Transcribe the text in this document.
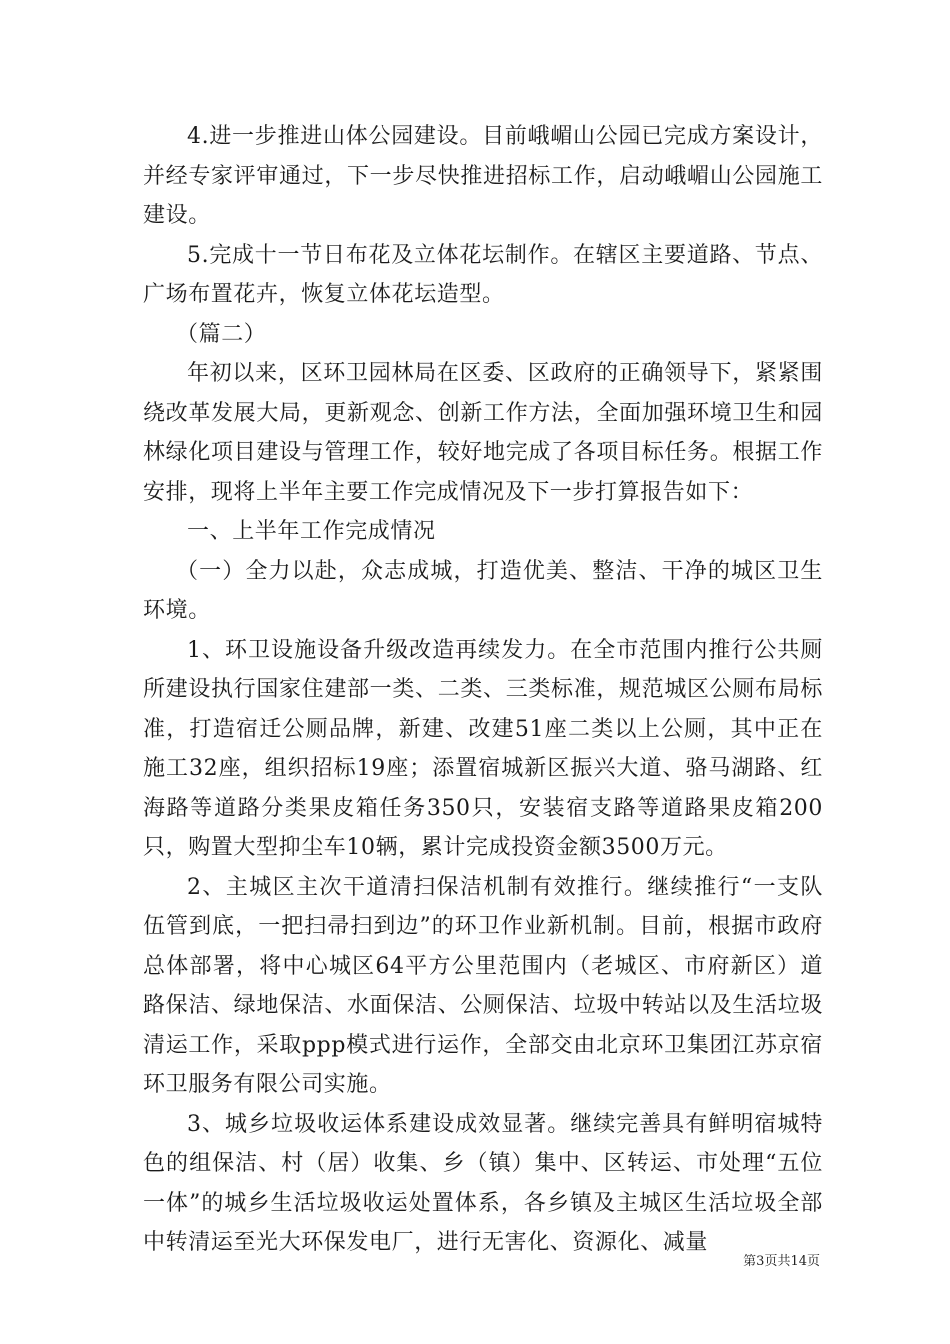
4.进一步推进山体公园建设。目前峨嵋山公园已完成方案设计，并经专家评审通过，下一步尽快推进招标工作，启动峨嵋山公园施工建设。

5.完成十一节日布花及立体花坛制作。在辖区主要道路、节点、广场布置花卉，恢复立体花坛造型。

（篇二）

年初以来，区环卫园林局在区委、区政府的正确领导下，紧紧围绕改革发展大局，更新观念、创新工作方法，全面加强环境卫生和园林绿化项目建设与管理工作，较好地完成了各项目标任务。根据工作安排，现将上半年主要工作完成情况及下一步打算报告如下：

一、上半年工作完成情况

（一）全力以赴，众志成城，打造优美、整洁、干净的城区卫生环境。

1、环卫设施设备升级改造再续发力。在全市范围内推行公共厕所建设执行国家住建部一类、二类、三类标准，规范城区公厕布局标准，打造宿迁公厕品牌，新建、改建51座二类以上公厕，其中正在施工32座，组织招标19座；添置宿城新区振兴大道、骆马湖路、红海路等道路分类果皮箱任务350只，安装宿支路等道路果皮箱200只，购置大型抑尘车10辆，累计完成投资金额3500万元。

2、主城区主次干道清扫保洁机制有效推行。继续推行“一支队伍管到底，一把扫帚扫到边”的环卫作业新机制。目前，根据市政府总体部署，将中心城区64平方公里范围内（老城区、市府新区）道路保洁、绿地保洁、水面保洁、公厕保洁、垃圾中转站以及生活垃圾清运工作，采取ppp模式进行运作，全部交由北京环卫集团江苏京宿环卫服务有限公司实施。

3、城乡垃圾收运体系建设成效显著。继续完善具有鲜明宿城特色的组保洁、村（居）收集、乡（镇）集中、区转运、市处理“五位一体”的城乡生活垃圾收运处置体系，各乡镇及主城区生活垃圾全部中转清运至光大环保发电厂，进行无害化、资源化、减量

第3页共14页
